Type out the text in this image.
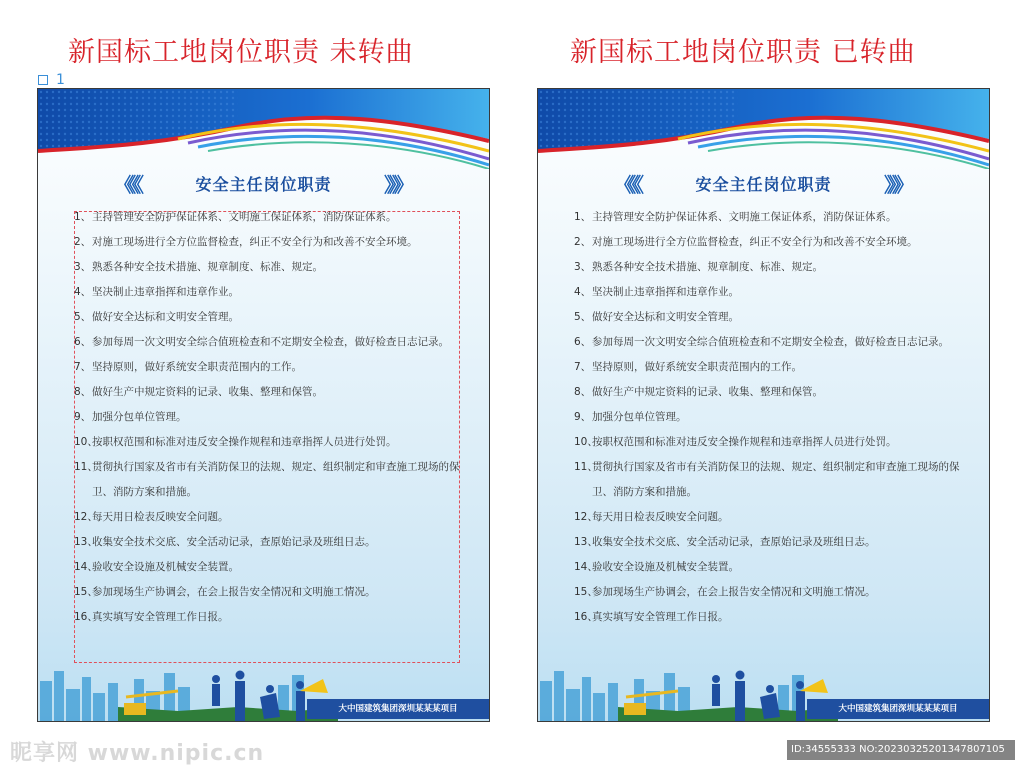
新国标工地岗位职责 未转曲	新国标工地岗位职责 已转曲
1
《《《	安全主任岗位职责	》》》
1、 主持管理安全防护保证体系、文明施工保证体系，消防保证体系。
2、 对施工现场进行全方位监督检查，纠正不安全行为和改善不安全环境。
3、 熟悉各种安全技术措施、规章制度、标准、规定。
4、 坚决制止违章指挥和违章作业。
5、 做好安全达标和文明安全管理。
6、 参加每周一次文明安全综合值班检查和不定期安全检查，做好检查日志记录。
7、 坚持原则，做好系统安全职责范围内的工作。
8、 做好生产中规定资料的记录、收集、整理和保管。
9、 加强分包单位管理。
10、
按职权范围和标准对违反安全操作规程和违章指挥人员进行处罚。
11、
贯彻执行国家及省市有关消防保卫的法规、规定、组织制定和审查施工现场的保卫、消防方案和措施。
12、
每天用日检表反映安全问题。
13、
收集安全技术交底、安全活动记录，查原始记录及班组日志。
14、
验收安全设施及机械安全装置。
15、
参加现场生产协调会，在会上报告安全情况和文明施工情况。
16、
真实填写安全管理工作日报。
大中国建筑集团深圳某某某项目
《《《	安全主任岗位职责	》》》
1、 主持管理安全防护保证体系、文明施工保证体系，消防保证体系。
2、 对施工现场进行全方位监督检查，纠正不安全行为和改善不安全环境。
3、 熟悉各种安全技术措施、规章制度、标准、规定。
4、 坚决制止违章指挥和违章作业。
5、 做好安全达标和文明安全管理。
6、 参加每周一次文明安全综合值班检查和不定期安全检查，做好检查日志记录。
7、 坚持原则，做好系统安全职责范围内的工作。
8、 做好生产中规定资料的记录、收集、整理和保管。
9、 加强分包单位管理。
10、
按职权范围和标准对违反安全操作规程和违章指挥人员进行处罚。
11、
贯彻执行国家及省市有关消防保卫的法规、规定、组织制定和审查施工现场的保卫、消防方案和措施。
12、
每天用日检表反映安全问题。
13、
收集安全技术交底、安全活动记录，查原始记录及班组日志。
14、
验收安全设施及机械安全装置。
15、
参加现场生产协调会，在会上报告安全情况和文明施工情况。
16、
真实填写安全管理工作日报。
大中国建筑集团深圳某某某项目
昵享网 www.nipic.cn	ID:34555333 NO:20230325201347807105
